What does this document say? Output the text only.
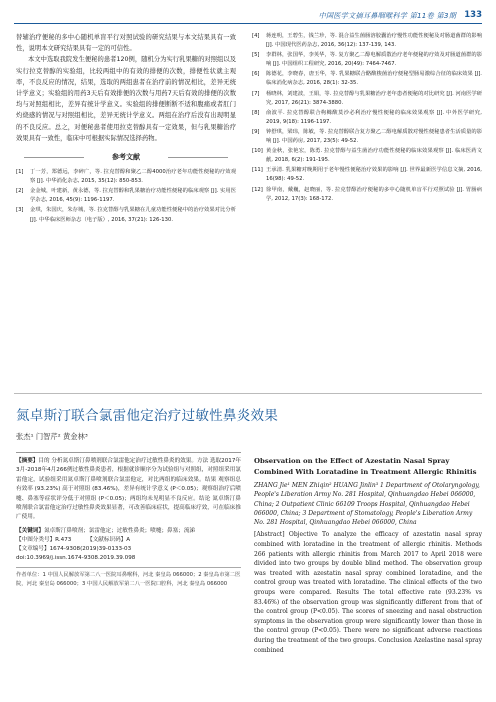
中国医学文摘耳鼻咽喉科学 第11卷 第3期 133

替辅治疗便秘的多中心随机单盲平行对照试验的研究结果与本文结果具有一致性，说明本文研究结果具有一定的可信性。

本文中选取我院发生便秘的患者120例，随机分为实行乳果糖的对照组以及实行拉克替醇的实验组，比较两组中的有效的排便的次数，排便性状就主观率，不良反应的情况，结果，选取的两组患者在治疗前的情况相比，差异无统计学意义；实验组的用药3天后有效排便的次数与用药7天后有效的排便的次数均与对照组相比，差异有统计学意义。实验组的排便断断不适和腹痛或者肛门灼烧感的情况与对照组相比，差异无统计学意义。两组在治疗后没有出现明显的不良反应。总之，对便秘患者使用拉克替醇具有一定效果，但与乳果糖治疗效果具有一致性，临床中可根据实际情况选择药物。

参考文献
[1]	丁一芳，郑德远，李碎广，等. 拉克替醇和聚乙二醇4000治疗老年功能性便秘的疗效观察 [J]. 中华消化杂志, 2015, 35(12): 850-853.
[2]	金金城，叶建新，黄永德，等. 拉克替醇和乳果糖治疗功能性便秘的临床观察 [J]. 实用医学杂志, 2016, 45(9): 1196-1197.
[3]	金琪，朱国庆，朱存城，等. 拉克替醇与乳果糖在儿童功能性便秘中的治疗效果对比分析 [J]. 中华临床医师杂志（电子版）, 2016, 37(21): 126-130.
[4]	蒋连明，王碧生，钱兰珍，等. 混合益生菌肠溶胶囊治疗慢性功能性便秘及对肠道菌群的影响 [J]. 中国现代医药杂志, 2016, 36(12): 137-139, 143.
[5]	李群林，张国华，李英华，等. 复方聚乙二醇电解质散治疗老年便秘的疗效及对肠道菌群的影响 [J]. 中国组织工程研究, 2016, 20(49): 7464-7467.
[6]	陈德花，李晓春，唐玉华，等. 乳果糖联合酪酸梭菌治疗便秘型肠易激综合征的临床效果 [J]. 临床消化病杂志, 2016, 28(1): 32-35.
[7]	杨晓林，刘建波，王娟，等. 拉克替醇与乳果糖治疗老年患者便秘的对比研究 [J]. 河南医学研究, 2017, 26(21): 3874-3880.
[8]	俞波平. 拉克替醇联合枸橼酸莫沙必利治疗慢性便秘的临床效果观察 [J]. 中外医学研究, 2019, 9(18): 1196-1197.
[9]	钟舒琪，梁玮，陈敏，等. 拉克替醇联合复方聚乙二醇电解质散对慢性便秘患者生活质量的影响 [J]. 中国药房, 2017, 23(5): 49-52.
[10] 黄金秋，张艳宏，陈勇. 拉克替醇与益生菌治疗功能性便秘的临床效果观察 [J]. 临床医药文献, 2018, 6(2): 191-195.
[11] 王承清. 乳果糖对晚期用于老年慢性便秘治疗效果的影响 [J]. 世界最新医学信息文摘, 2016, 16(98): 49-52.
[12] 徐甲南，戴巍，赵晓丽，等. 拉克替醇治疗便秘的多中心随机单盲平行对照试验 [J]. 胃肠病学, 2012, 17(3): 168-172.
氮卓斯汀联合氯雷他定治疗过敏性鼻炎效果
张杰¹ 门智芹² 黄金林³
【摘要】目的 分析氮卓斯汀鼻喷剂联合氯雷他定治疗过敏性鼻炎的效果。方法 选取2017年3月-2018年4月266例过敏性鼻炎患者，根据就诊顺序分为试验组与对照组，对照组采用氯雷他定，试验组采用氮卓斯汀鼻喷剂联合氯雷他定，对比两组的临床效果。结果 观察组总有效率 (93.23%) 高于对照组 (83.46%)，差异有统计学意义 (P＜0.05)；观察组治疗后喷嚏、鼻塞等症状评分低于对照组 (P＜0.05)；两组均未见明显不良反应。结论 氮卓斯汀鼻喷剂联合氯雷他定治疗过敏性鼻炎效果显著，可改善临床症状，提高临床疗效，可在临床推广使用。
【关键词】氮卓斯汀鼻喷剂；氯雷他定；过敏性鼻炎；喷嚏；鼻塞；流涕
【中图分类号】R.473	【文献标识码】A
【文章编号】1674-9308(2019)39-0133-03
doi:10.3969/j.issn.1674-9308.2019.39.098
作者单位：1 中国人民解放军第二八一医院耳鼻喉科，河北 秦皇岛 066000；2 秦皇岛市第二医院，河北 秦皇岛 066000；3 中国人民解放军第二八一医院口腔科，河北 秦皇岛 066000
Observation on the Effect of Azestatin Nasal Spray Combined With Loratadine in Treatment Allergic Rhinitis
ZHANG Jie¹ MEN Zhiqin² HUANG Jinlin³ 1 Department of Otolaryngology, People's Liberation Army No. 281 Hospital, Qinhuangdao Hebei 066000, China; 2 Outpatient Clinic 66109 Troops Hospital, Qinhuangdao Hebei 066000, China; 3 Department of Stomatology, People's Liberation Army No. 281 Hospital, Qinhuangdao Hebei 066000, China
[Abstract] Objective To analyze the efficacy of azestatin nasal spray combined with loratadine in the treatment of allergic rhinitis. Methods 266 patients with allergic rhinitis from March 2017 to April 2018 were divided into two groups by double blind method. The observation group was treated with azestatin nasal spray combined loratadine, and the control group was treated with loratadine. The clinical effects of the two groups were compared. Results The total effective rate (93.23% vs 83.46%) of the observation group was significantly different from that of the control group (P<0.05). The scores of sneezing and nasal obstruction symptoms in the observation group were significantly lower than those in the control group (P<0.05). There were no significant adverse reactions during the treatment of the two groups. Conclusion Azelastine nasal spray combined
